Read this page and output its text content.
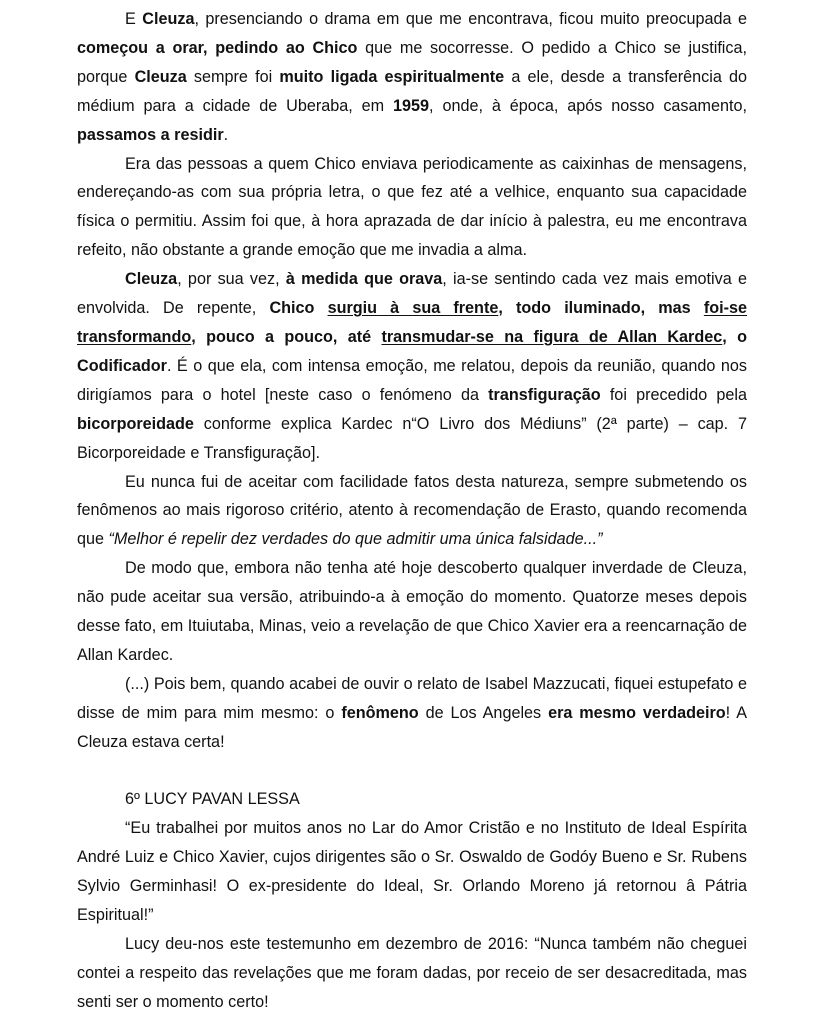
E Cleuza, presenciando o drama em que me encontrava, ficou muito preocupada e começou a orar, pedindo ao Chico que me socorresse. O pedido a Chico se justifica, porque Cleuza sempre foi muito ligada espiritualmente a ele, desde a transferência do médium para a cidade de Uberaba, em 1959, onde, à época, após nosso casamento, passamos a residir.

Era das pessoas a quem Chico enviava periodicamente as caixinhas de mensagens, endereçando-as com sua própria letra, o que fez até a velhice, enquanto sua capacidade física o permitiu. Assim foi que, à hora aprazada de dar início à palestra, eu me encontrava refeito, não obstante a grande emoção que me invadia a alma.

Cleuza, por sua vez, à medida que orava, ia-se sentindo cada vez mais emotiva e envolvida. De repente, Chico surgiu à sua frente, todo iluminado, mas foi-se transformando, pouco a pouco, até transmudar-se na figura de Allan Kardec, o Codificador. É o que ela, com intensa emoção, me relatou, depois da reunião, quando nos dirigíamos para o hotel [neste caso o fenómeno da transfiguração foi precedido pela bicorporeidade conforme explica Kardec n“O Livro dos Médiuns” (2ª parte) – cap. 7 Bicorporeidade e Transfiguração].

Eu nunca fui de aceitar com facilidade fatos desta natureza, sempre submetendo os fenômenos ao mais rigoroso critério, atento à recomendação de Erasto, quando recomenda que “Melhor é repelir dez verdades do que admitir uma única falsidade...”

De modo que, embora não tenha até hoje descoberto qualquer inverdade de Cleuza, não pude aceitar sua versão, atribuindo-a à emoção do momento. Quatorze meses depois desse fato, em Ituiutaba, Minas, veio a revelação de que Chico Xavier era a reencarnação de Allan Kardec.

(...) Pois bem, quando acabei de ouvir o relato de Isabel Mazzucati, fiquei estupefato e disse de mim para mim mesmo: o fenômeno de Los Angeles era mesmo verdadeiro! A Cleuza estava certa!

6º LUCY PAVAN LESSA

“Eu trabalhei por muitos anos no Lar do Amor Cristão e no Instituto de Ideal Espírita André Luiz e Chico Xavier, cujos dirigentes são o Sr. Oswaldo de Godóy Bueno e Sr. Rubens Sylvio Germinhasi! O ex-presidente do Ideal, Sr. Orlando Moreno já retornou â Pátria Espiritual!”

Lucy deu-nos este testemunho em dezembro de 2016: “Nunca também não cheguei contei a respeito das revelações que me foram dadas, por receio de ser desacreditada, mas senti ser o momento certo!
